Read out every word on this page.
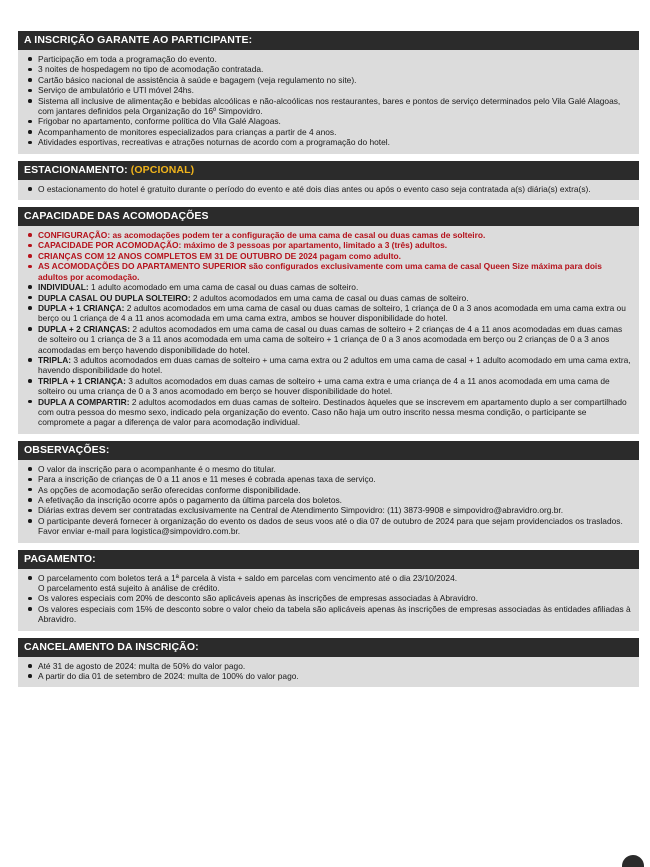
A INSCRIÇÃO GARANTE AO PARTICIPANTE:
Participação em toda a programação do evento.
3 noites de hospedagem no tipo de acomodação contratada.
Cartão básico nacional de assistência à saúde e bagagem (veja regulamento no site).
Serviço de ambulatório e UTI móvel 24hs.
Sistema all inclusive de alimentação e bebidas alcoólicas e não-alcoólicas nos restaurantes, bares e pontos de serviço determinados pelo Vila Galé Alagoas, com jantares definidos pela Organização do 16º Simpovidro.
Frigobar no apartamento, conforme política do Vila Galé Alagoas.
Acompanhamento de monitores especializados para crianças a partir de 4 anos.
Atividades esportivas, recreativas e atrações noturnas de acordo com a programação do hotel.
ESTACIONAMENTO: (OPCIONAL)
O estacionamento do hotel é gratuito durante o período do evento e até dois dias antes ou após o evento caso seja contratada a(s) diária(s) extra(s).
CAPACIDADE DAS ACOMODAÇÕES
CONFIGURAÇÃO: as acomodações podem ter a configuração de uma cama de casal ou duas camas de solteiro.
CAPACIDADE POR ACOMODAÇÃO: máximo de 3 pessoas por apartamento, limitado a 3 (três) adultos.
CRIANÇAS COM 12 ANOS COMPLETOS EM 31 DE OUTUBRO DE 2024 pagam como adulto.
AS ACOMODAÇÕES DO APARTAMENTO SUPERIOR são configurados exclusivamente com uma cama de casal Queen Size máxima para dois adultos por acomodação.
INDIVIDUAL: 1 adulto acomodado em uma cama de casal ou duas camas de solteiro.
DUPLA CASAL OU DUPLA SOLTEIRO: 2 adultos acomodados em uma cama de casal ou duas camas de solteiro.
DUPLA + 1 CRIANÇA: 2 adultos acomodados em uma cama de casal ou duas camas de solteiro, 1 criança de 0 a 3 anos acomodada em uma cama extra ou berço ou 1 criança de 4 a 11 anos acomodada em uma cama extra, ambos se houver disponibilidade do hotel.
DUPLA + 2 CRIANÇAS: 2 adultos acomodados em uma cama de casal ou duas camas de solteiro + 2 crianças de 4 a 11 anos acomodadas em duas camas de solteiro ou 1 criança de 3 a 11 anos acomodada em uma cama de solteiro + 1 criança de 0 a 3 anos acomodada em berço ou 2 crianças de 0 a 3 anos acomodadas em berço havendo disponibilidade do hotel.
TRIPLA: 3 adultos acomodados em duas camas de solteiro + uma cama extra ou 2 adultos em uma cama de casal + 1 adulto acomodado em uma cama extra, havendo disponibilidade do hotel.
TRIPLA + 1 CRIANÇA: 3 adultos acomodados em duas camas de solteiro + uma cama extra e uma criança de 4 a 11 anos acomodada em uma cama de solteiro ou uma criança de 0 a 3 anos acomodado em berço se houver disponibilidade do hotel.
DUPLA A COMPARTIR: 2 adultos acomodados em duas camas de solteiro. Destinados àqueles que se inscrevem em apartamento duplo a ser compartilhado com outra pessoa do mesmo sexo, indicado pela organização do evento. Caso não haja um outro inscrito nessa mesma condição, o participante se compromete a pagar a diferença de valor para acomodação individual.
OBSERVAÇÕES:
O valor da inscrição para o acompanhante é o mesmo do titular.
Para a inscrição de crianças de 0 a 11 anos e 11 meses é cobrada apenas taxa de serviço.
As opções de acomodação serão oferecidas conforme disponibilidade.
A efetivação da inscrição ocorre após o pagamento da última parcela dos boletos.
Diárias extras devem ser contratadas exclusivamente na Central de Atendimento Simpovidro: (11) 3873-9908 e simpovidro@abravidro.org.br.
O participante deverá fornecer à organização do evento os dados de seus voos até o dia 07 de outubro de 2024 para que sejam providenciados os traslados. Favor enviar e-mail para logistica@simpovidro.com.br.
PAGAMENTO:
O parcelamento com boletos terá a 1ª parcela à vista + saldo em parcelas com vencimento até o dia 23/10/2024.
O parcelamento está sujeito à análise de crédito.
Os valores especiais com 20% de desconto são aplicáveis apenas às inscrições de empresas associadas à Abravidro.
Os valores especiais com 15% de desconto sobre o valor cheio da tabela são aplicáveis apenas às inscrições de empresas associadas às entidades afiliadas à Abravidro.
CANCELAMENTO DA INSCRIÇÃO:
Até 31 de agosto de 2024: multa de 50% do valor pago.
A partir do dia 01 de setembro de 2024: multa de 100% do valor pago.
